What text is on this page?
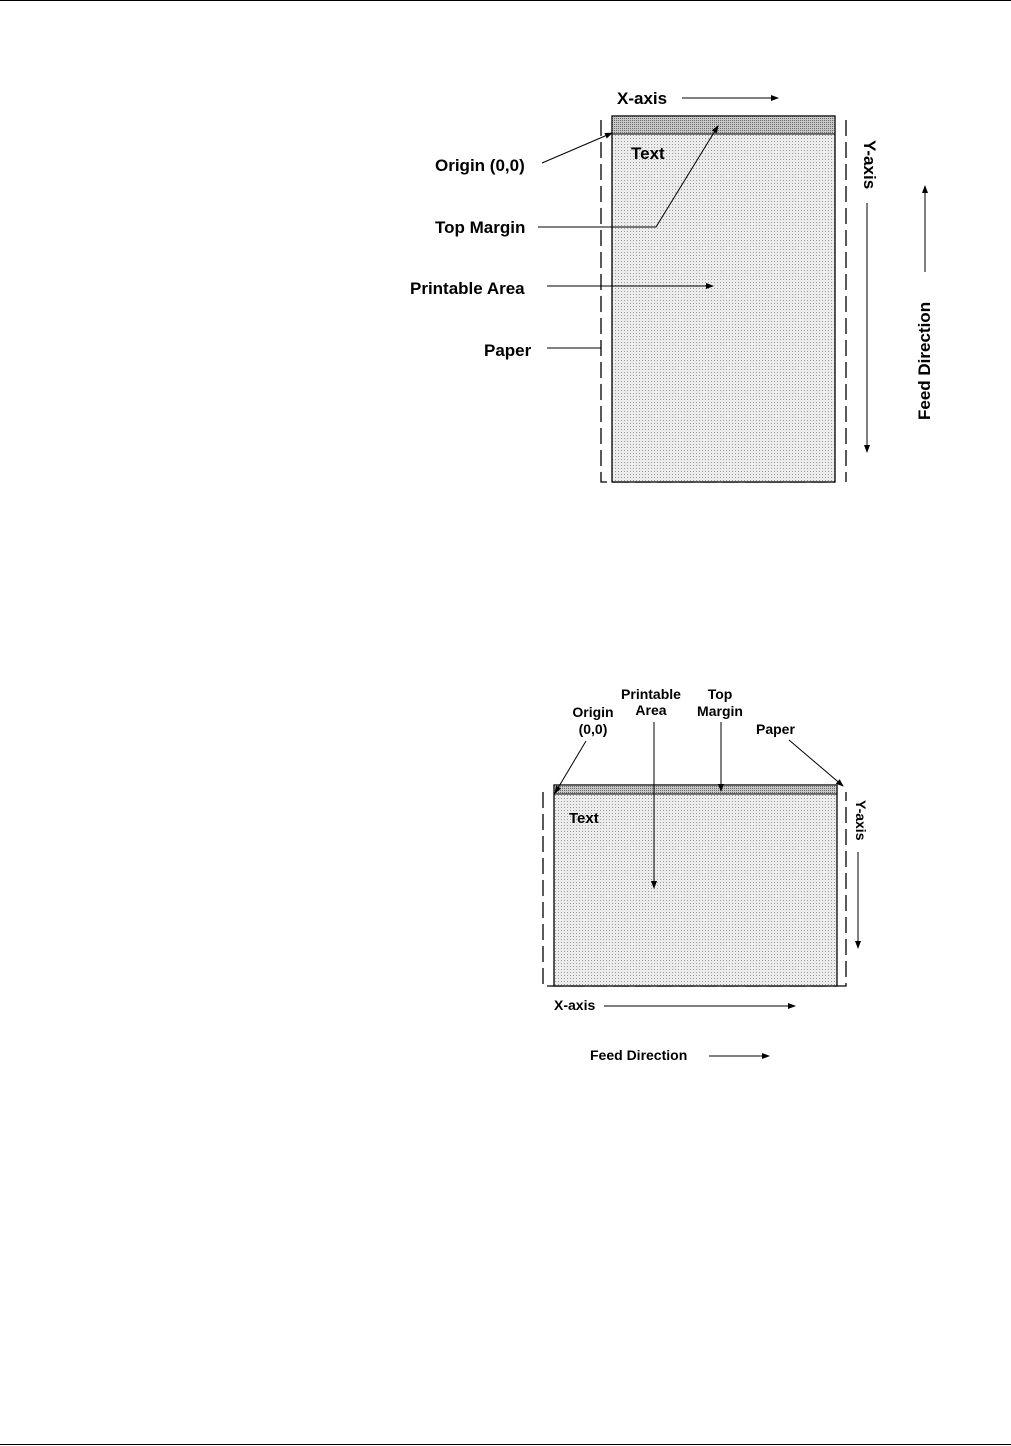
Text
X-axis
Y-axis
Feed Direction
Origin (0,0)
Top Margin
Printable Area
Paper
Text
Printable
Area
Top
Margin
Origin
(0,0)	Paper
Y-axis
X-axis
Feed Direction
